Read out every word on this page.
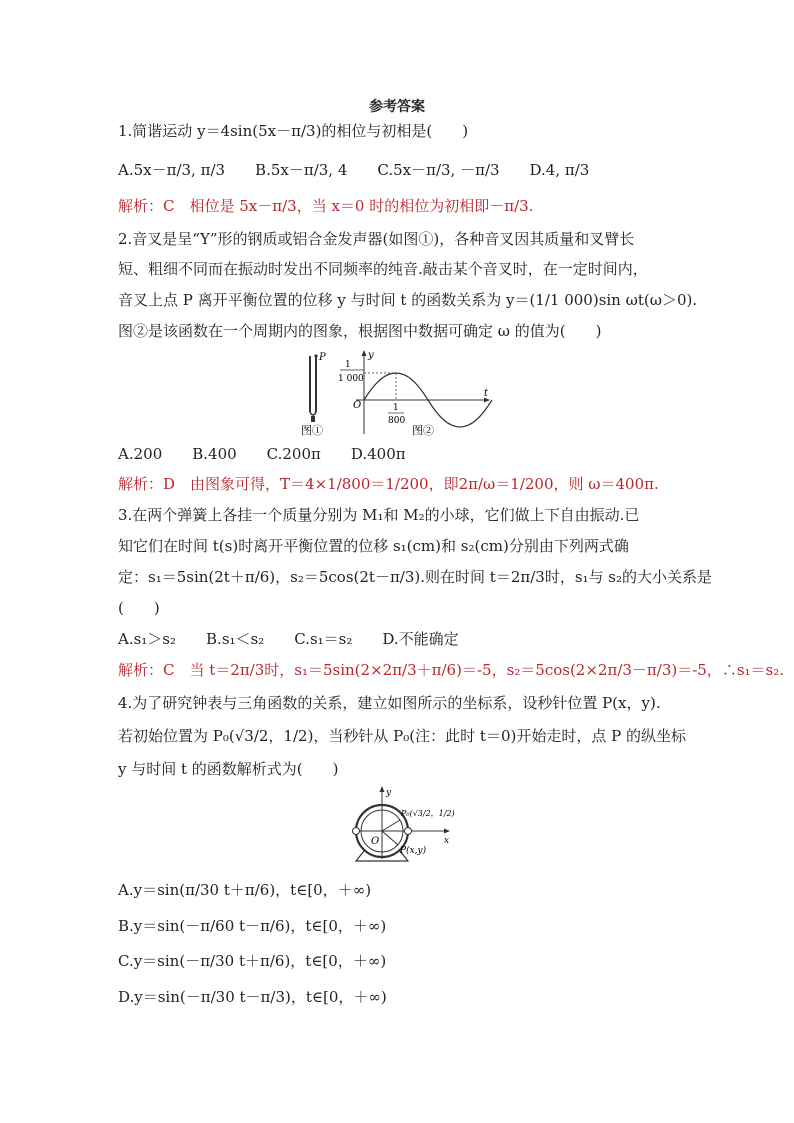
参考答案
1.简谐运动 y＝4sin(5x－π/3)的相位与初相是(　　)
A.5x－π/3, π/3　　B.5x－π/3, 4　　C.5x－π/3, －π/3　　D.4, π/3
解析：C　相位是 5x－π/3，当 x＝0 时的相位为初相即－π/3.
2.音叉是呈“Y”形的钢质或铝合金发声器(如图①)，各种音叉因其质量和叉臂长
短、粗细不同而在振动时发出不同频率的纯音.敲击某个音叉时，在一定时间内，
音叉上点 P 离开平衡位置的位移 y 与时间 t 的函数关系为 y＝(1/1 000)sin ωt(ω＞0).
图②是该函数在一个周期内的图象，根据图中数据可确定 ω 的值为(　　)
P
图①
y
t
O
1
1 000
1
800
图②
A.200　　B.400　　C.200π　　D.400π
解析：D　由图象可得，T＝4×1/800＝1/200，即2π/ω＝1/200，则 ω＝400π.
3.在两个弹簧上各挂一个质量分别为 M₁和 M₂的小球，它们做上下自由振动.已
知它们在时间 t(s)时离开平衡位置的位移 s₁(cm)和 s₂(cm)分别由下列两式确
定：s₁＝5sin(2t＋π/6)，s₂＝5cos(2t－π/3).则在时间 t＝2π/3时，s₁与 s₂的大小关系是
(　　)
A.s₁＞s₂　　B.s₁＜s₂　　C.s₁＝s₂　　D.不能确定
解析：C　当 t＝2π/3时，s₁＝5sin(2×2π/3＋π/6)＝-5，s₂＝5cos(2×2π/3－π/3)＝-5，∴s₁＝s₂.
4.为了研究钟表与三角函数的关系，建立如图所示的坐标系，设秒针位置 P(x，y).
若初始位置为 P₀(√3/2，1/2)，当秒针从 P₀(注：此时 t＝0)开始走时，点 P 的纵坐标
y 与时间 t 的函数解析式为(　　)
y
x
O
P₀(√3/2，1/2)
P(x,y)
A.y＝sin(π/30 t＋π/6)，t∈[0，＋∞)
B.y＝sin(－π/60 t－π/6)，t∈[0，＋∞)
C.y＝sin(－π/30 t＋π/6)，t∈[0，＋∞)
D.y＝sin(－π/30 t－π/3)，t∈[0，＋∞)
